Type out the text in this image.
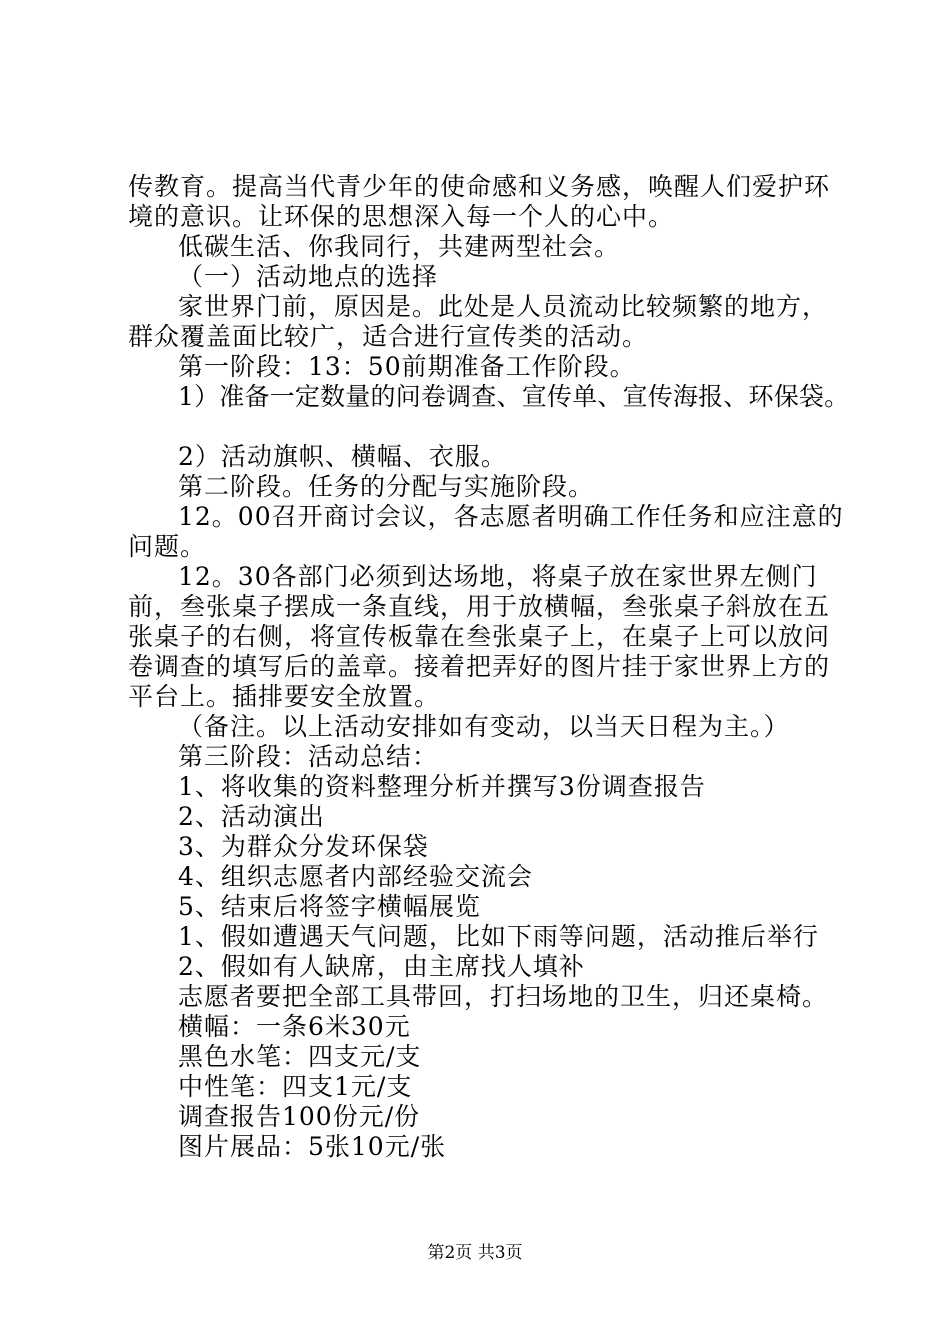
传教育。提高当代青少年的使命感和义务感，唤醒人们爱护环境的意识。让环保的思想深入每一个人的心中。

低碳生活、你我同行，共建两型社会。

（一）活动地点的选择

家世界门前，原因是。此处是人员流动比较频繁的地方，群众覆盖面比较广，适合进行宣传类的活动。

第一阶段：13：50前期准备工作阶段。

1）准备一定数量的问卷调查、宣传单、宣传海报、环保袋。

2）活动旗帜、横幅、衣服。

第二阶段。任务的分配与实施阶段。

12。00召开商讨会议，各志愿者明确工作任务和应注意的问题。

12。30各部门必须到达场地，将桌子放在家世界左侧门前，叁张桌子摆成一条直线，用于放横幅，叁张桌子斜放在五张桌子的右侧，将宣传板靠在叁张桌子上，在桌子上可以放问卷调查的填写后的盖章。接着把弄好的图片挂于家世界上方的平台上。插排要安全放置。

（备注。以上活动安排如有变动，以当天日程为主。）

第三阶段：活动总结：

1、将收集的资料整理分析并撰写3份调查报告

2、活动演出

3、为群众分发环保袋

4、组织志愿者内部经验交流会

5、结束后将签字横幅展览

1、假如遭遇天气问题，比如下雨等问题，活动推后举行

2、假如有人缺席，由主席找人填补

志愿者要把全部工具带回，打扫场地的卫生，归还桌椅。

横幅：一条6米30元

黑色水笔：四支元/支

中性笔：四支1元/支

调查报告100份元/份

图片展品：5张10元/张

第2页 共3页
